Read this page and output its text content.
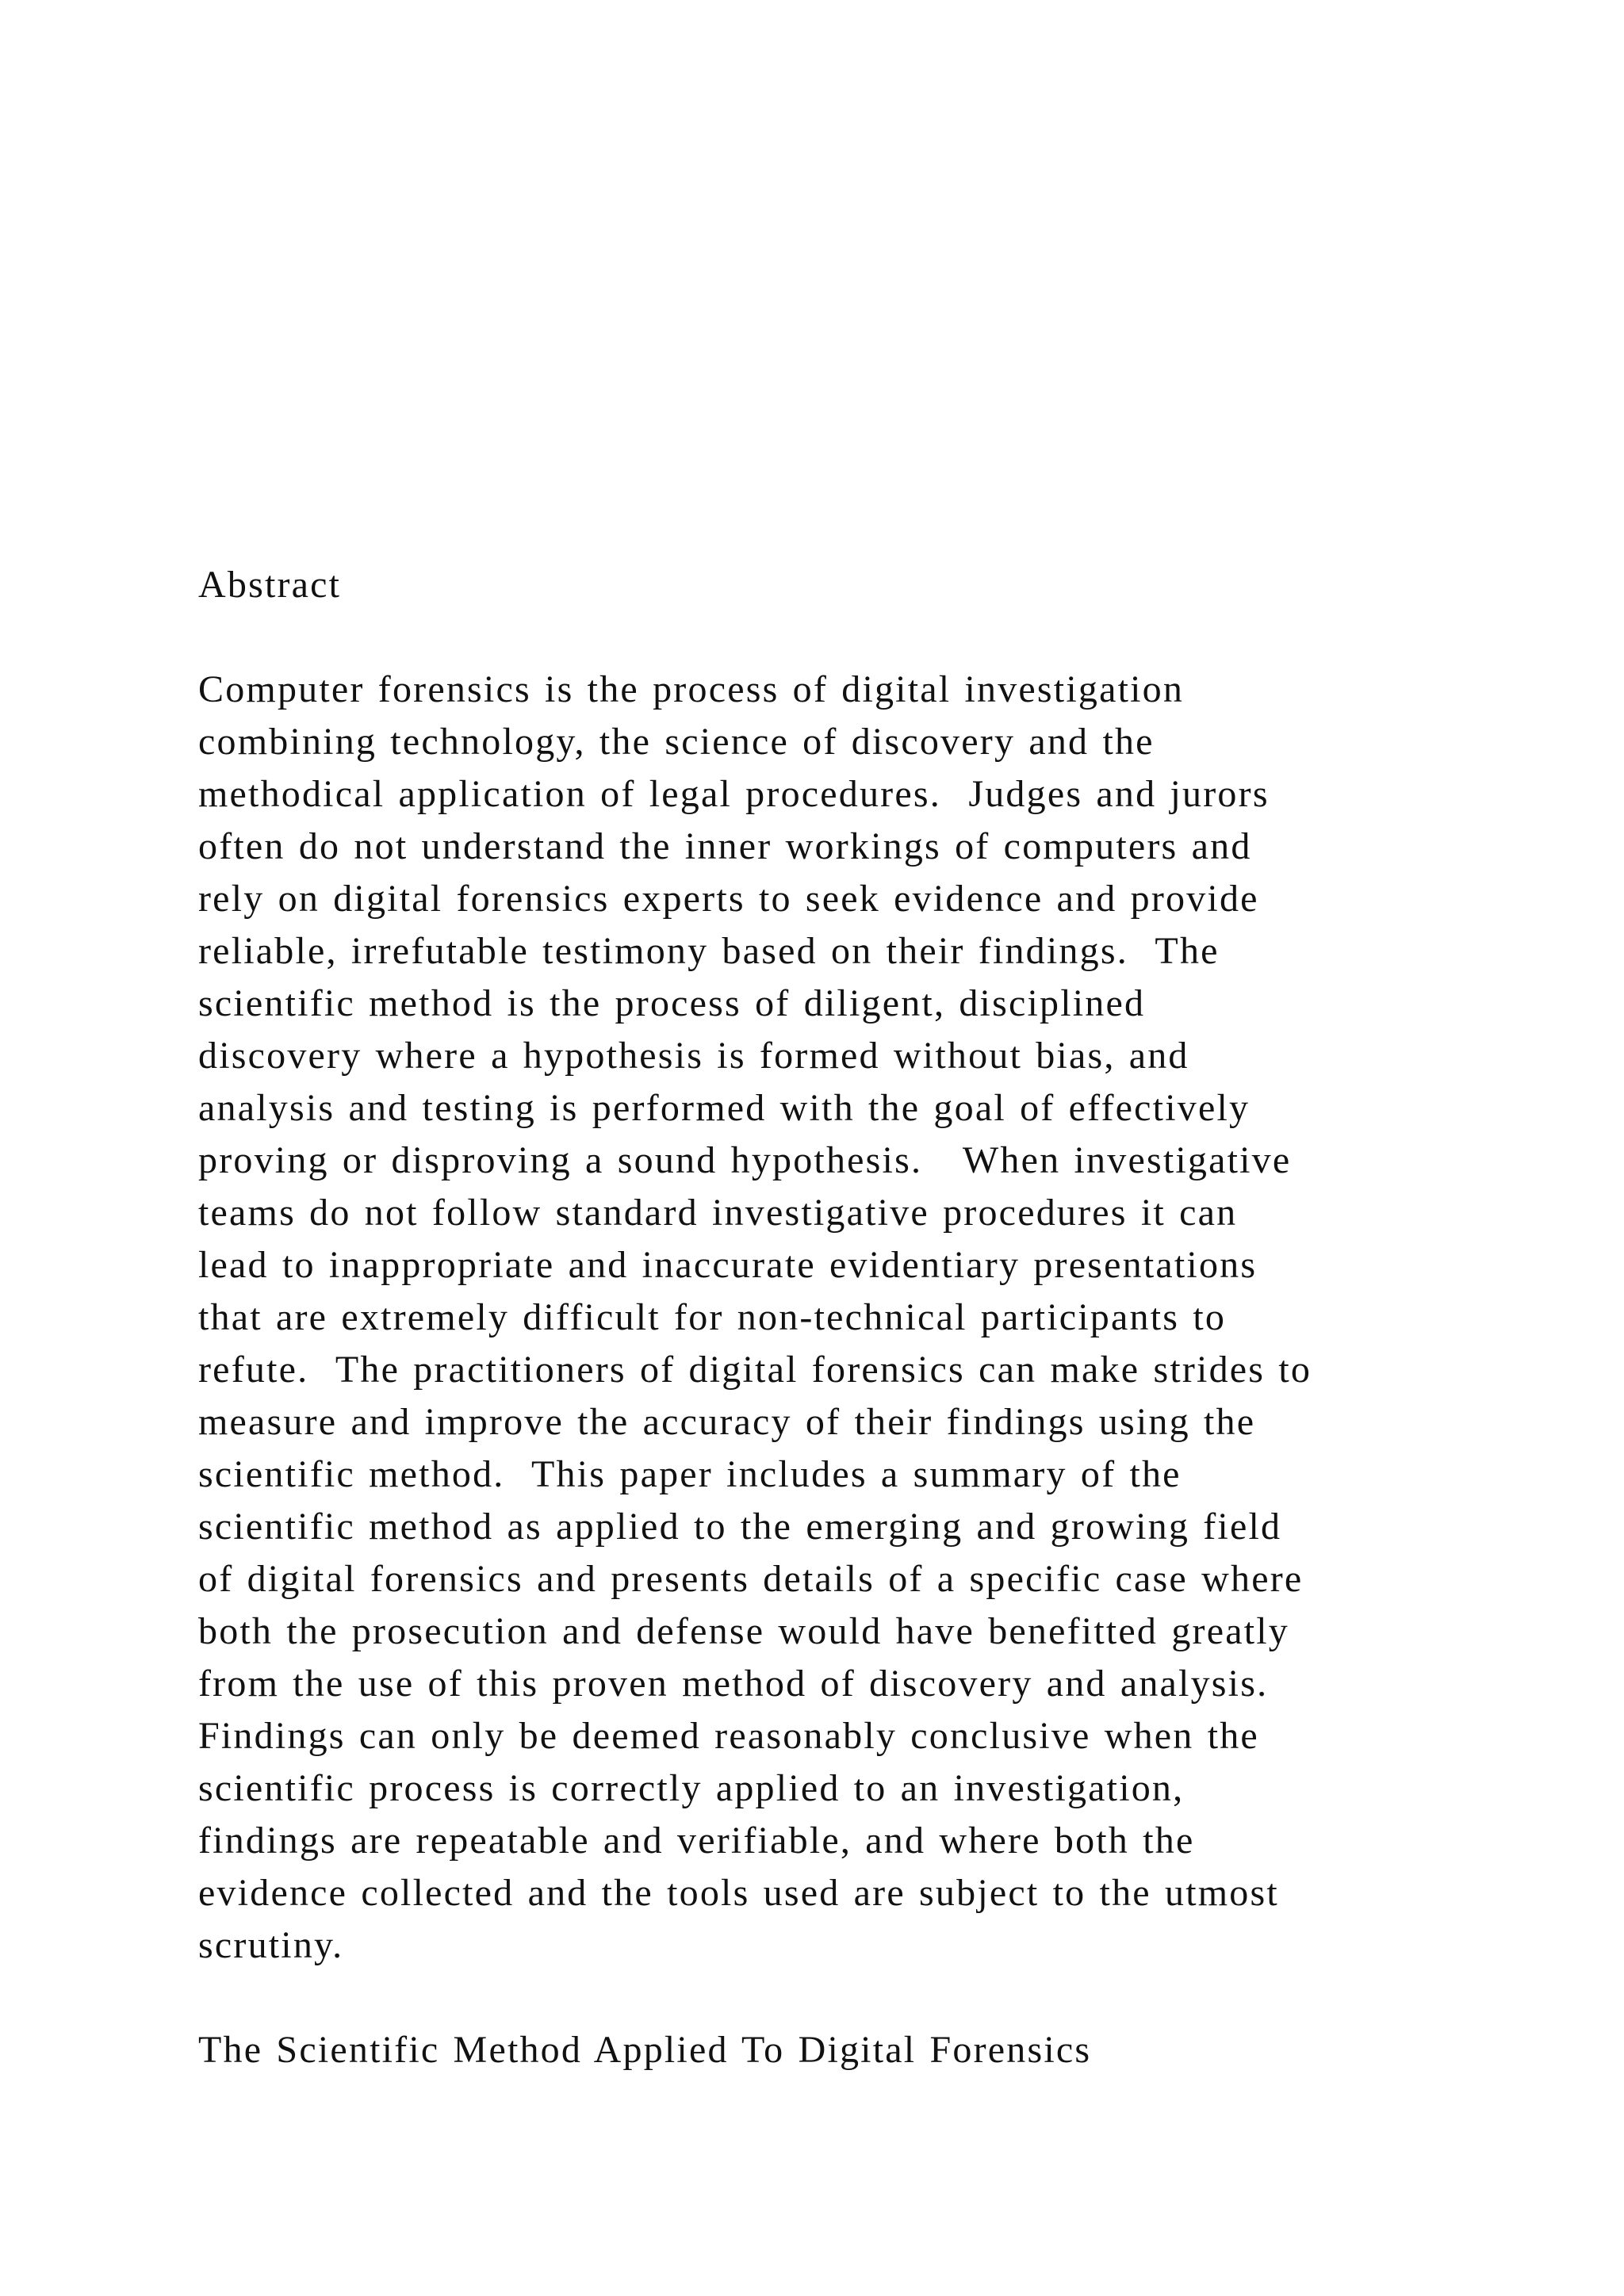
Abstract
Computer forensics is the process of digital investigation
combining technology, the science of discovery and the
methodical application of legal procedures.  Judges and jurors
often do not understand the inner workings of computers and
rely on digital forensics experts to seek evidence and provide
reliable, irrefutable testimony based on their findings.  The
scientific method is the process of diligent, disciplined
discovery where a hypothesis is formed without bias, and
analysis and testing is performed with the goal of effectively
proving or disproving a sound hypothesis.   When investigative
teams do not follow standard investigative procedures it can
lead to inappropriate and inaccurate evidentiary presentations
that are extremely difficult for non-technical participants to
refute.  The practitioners of digital forensics can make strides to
measure and improve the accuracy of their findings using the
scientific method.  This paper includes a summary of the
scientific method as applied to the emerging and growing field
of digital forensics and presents details of a specific case where
both the prosecution and defense would have benefitted greatly
from the use of this proven method of discovery and analysis.
Findings can only be deemed reasonably conclusive when the
scientific process is correctly applied to an investigation,
findings are repeatable and verifiable, and where both the
evidence collected and the tools used are subject to the utmost
scrutiny.
The Scientific Method Applied To Digital Forensics
